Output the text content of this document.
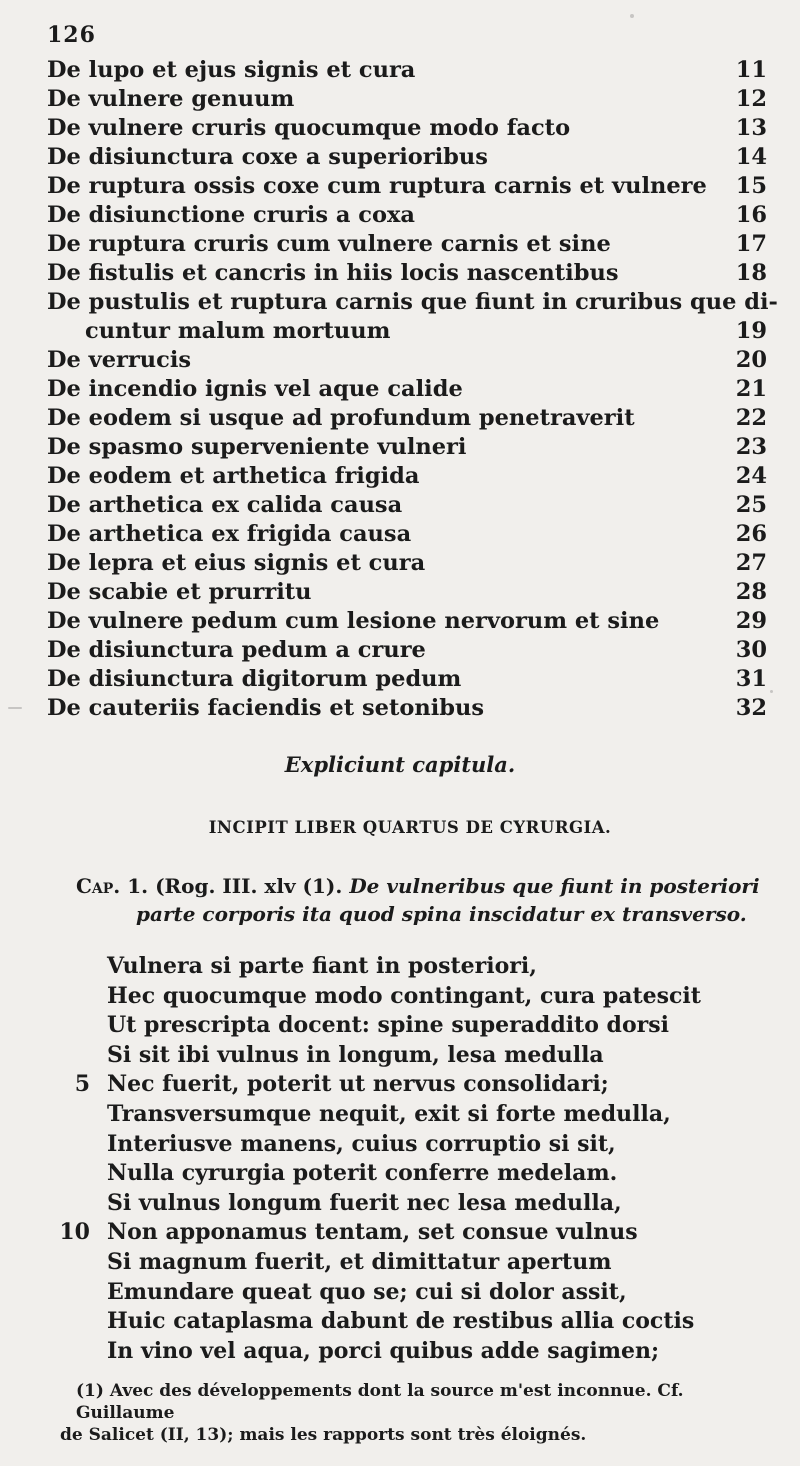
126
De lupo et ejus signis et cura	11
De vulnere genuum	12
De vulnere cruris quocumque modo facto	13
De disiunctura coxe a superioribus	14
De ruptura ossis coxe cum ruptura carnis et vulnere	15
De disiunctione cruris a coxa	16
De ruptura cruris cum vulnere carnis et sine	17
De fistulis et cancris in hiis locis nascentibus	18
De pustulis et ruptura carnis que fiunt in cruribus que di-
cuntur malum mortuum	19
De verrucis	20
De incendio ignis vel aque calide	21
De eodem si usque ad profundum penetraverit	22
De spasmo superveniente vulneri	23
De eodem et arthetica frigida	24
De arthetica ex calida causa	25
De arthetica ex frigida causa	26
De lepra et eius signis et cura	27
De scabie et prurritu	28
De vulnere pedum cum lesione nervorum et sine	29
De disiunctura pedum a crure	30
De disiunctura digitorum pedum	31
De cauteriis faciendis et setonibus	32
Expliciunt capitula.
INCIPIT LIBER QUARTUS DE CYRURGIA.
Cap. 1. (Rog. III. xlv (1). De vulneribus que fiunt in posteriori
parte corporis ita quod spina inscidatur ex transverso.
Vulnera si parte fiant in posteriori,
Hec quocumque modo contingant, cura patescit
Ut prescripta docent: spine superaddito dorsi
Si sit ibi vulnus in longum, lesa medulla
5 Nec fuerit, poterit ut nervus consolidari;
Transversumque nequit, exit si forte medulla,
Interiusve manens, cuius corruptio si sit,
Nulla cyrurgia poterit conferre medelam.
Si vulnus longum fuerit nec lesa medulla,
10 Non apponamus tentam, set consue vulnus
Si magnum fuerit, et dimittatur apertum
Emundare queat quo se; cui si dolor assit,
Huic cataplasma dabunt de restibus allia coctis
In vino vel aqua, porci quibus adde sagimen;
(1) Avec des développements dont la source m'est inconnue. Cf. Guillaume
de Salicet (II, 13); mais les rapports sont très éloignés.
